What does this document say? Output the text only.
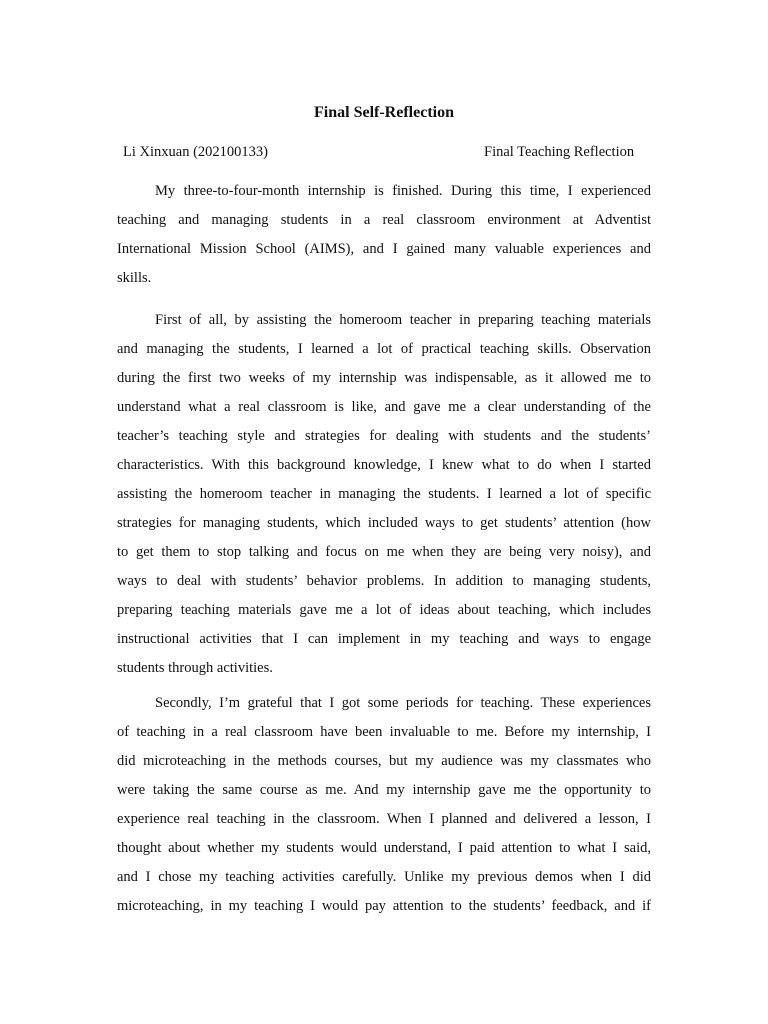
Final Self-Reflection
Li Xinxuan (202100133)	Final Teaching Reflection
My three-to-four-month internship is finished. During this time, I experienced
teaching and managing students in a real classroom environment at Adventist
International Mission School (AIMS), and I gained many valuable experiences and
skills.
First of all, by assisting the homeroom teacher in preparing teaching materials
and managing the students, I learned a lot of practical teaching skills. Observation
during the first two weeks of my internship was indispensable, as it allowed me to
understand what a real classroom is like, and gave me a clear understanding of the
teacher’s teaching style and strategies for dealing with students and the students’
characteristics. With this background knowledge, I knew what to do when I started
assisting the homeroom teacher in managing the students. I learned a lot of specific
strategies for managing students, which included ways to get students’ attention (how
to get them to stop talking and focus on me when they are being very noisy), and
ways to deal with students’ behavior problems. In addition to managing students,
preparing teaching materials gave me a lot of ideas about teaching, which includes
instructional activities that I can implement in my teaching and ways to engage
students through activities.
Secondly, I’m grateful that I got some periods for teaching. These experiences
of teaching in a real classroom have been invaluable to me. Before my internship, I
did microteaching in the methods courses, but my audience was my classmates who
were taking the same course as me. And my internship gave me the opportunity to
experience real teaching in the classroom. When I planned and delivered a lesson, I
thought about whether my students would understand, I paid attention to what I said,
and I chose my teaching activities carefully. Unlike my previous demos when I did
microteaching, in my teaching I would pay attention to the students’ feedback, and if
